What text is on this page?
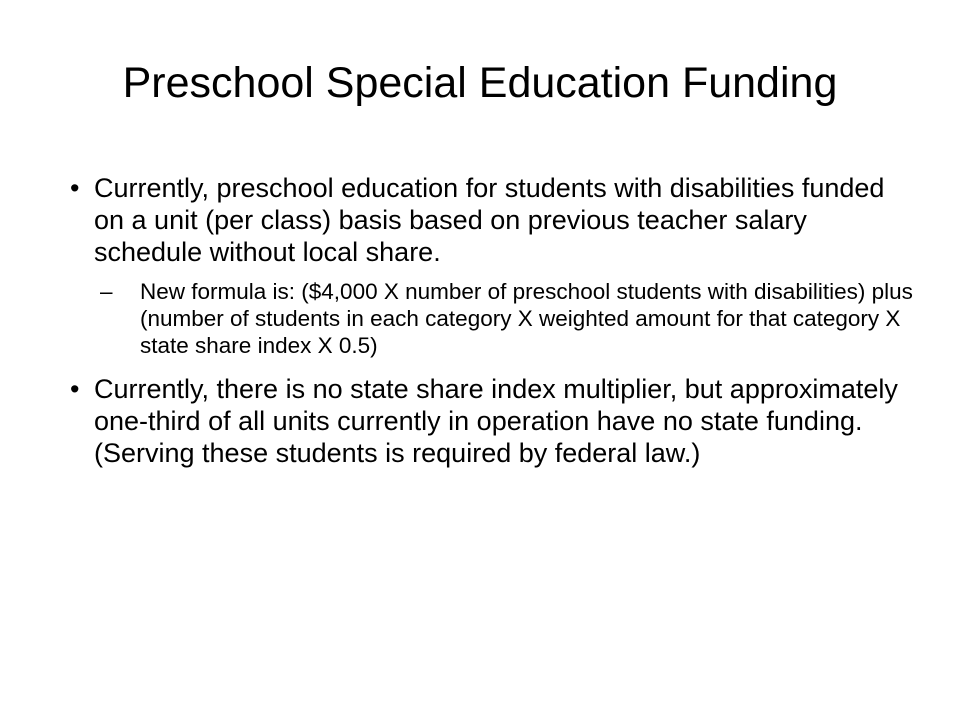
Preschool Special Education Funding
• Currently, preschool education for students with disabilities funded on a unit (per class) basis based on previous teacher salary schedule without local share.
– New formula is: ($4,000 X number of preschool students with disabilities) plus (number of students in each category X weighted amount for that category X state share index X 0.5)
• Currently, there is no state share index multiplier, but approximately one-third of all units currently in operation have no state funding. (Serving these students is required by federal law.)
